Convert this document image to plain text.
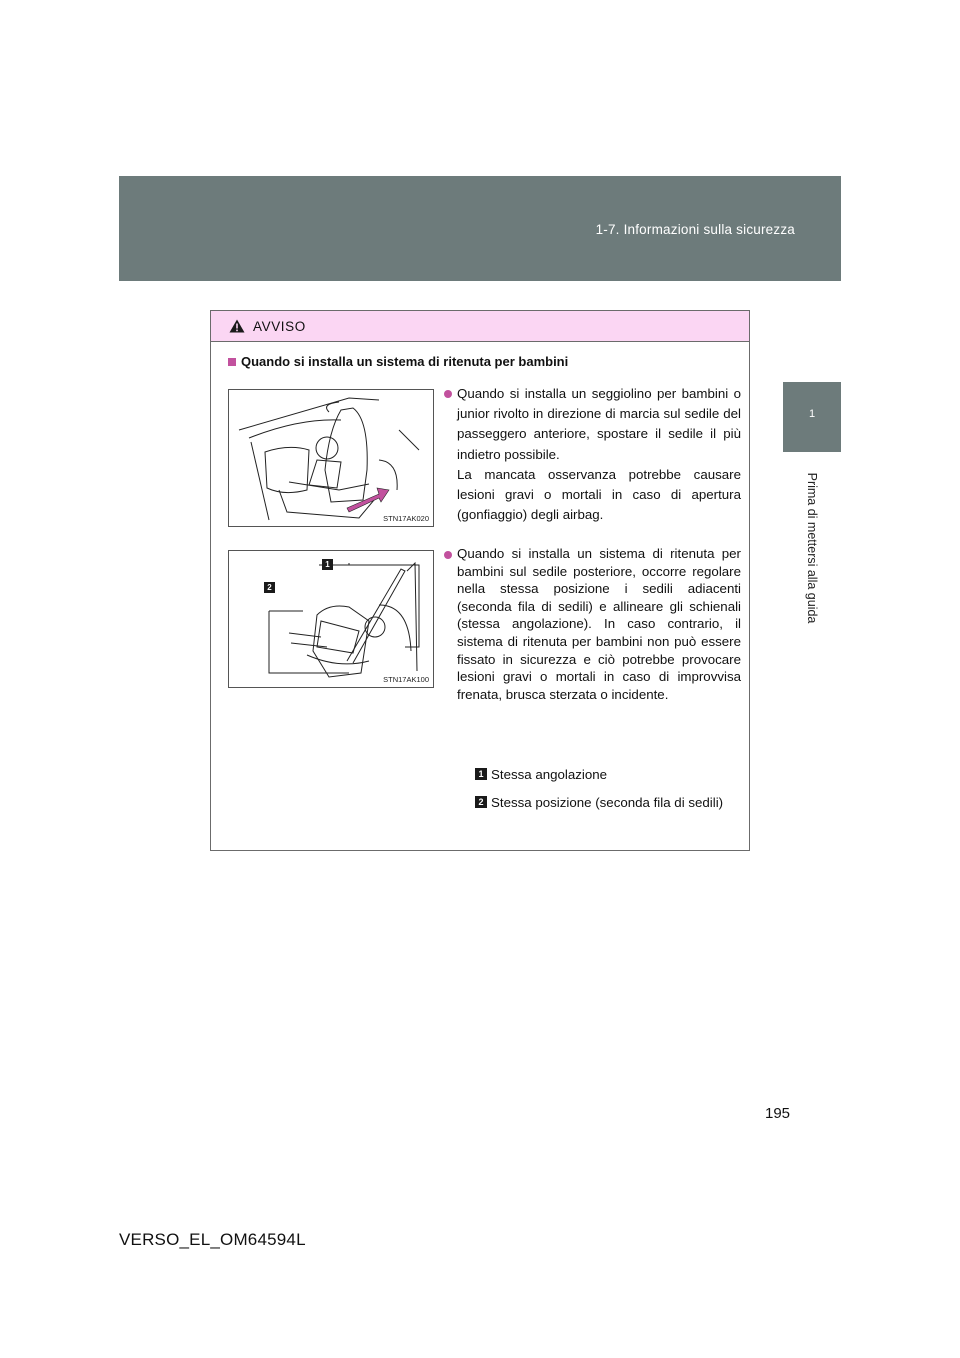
1-7. Informazioni sulla sicurezza
1
Prima di mettersi alla guida
AVVISO
Quando si installa un sistema di ritenuta per bambini
STN17AK020
1
2
STN17AK100

Quando si installa un seggiolino per bambini o junior rivolto in direzione di marcia sul sedile del passeggero anteriore, spostare il sedile il più indietro possibile.

La mancata osservanza potrebbe causare lesioni gravi o mortali in caso di apertura (gonfiaggio) degli airbag.

Quando si installa un sistema di ritenuta per bambini sul sedile posteriore, occorre regolare nella stessa posizione i sedili adiacenti (seconda fila di sedili) e allineare gli schienali (stessa angolazione). In caso contrario, il sistema di ritenuta per bambini non può essere fissato in sicurezza e ciò potrebbe provocare lesioni gravi o mortali in caso di improvvisa frenata, brusca sterzata o incidente.

1 Stessa angolazione
2 Stessa posizione (seconda fila di sedili)
195
VERSO_EL_OM64594L
